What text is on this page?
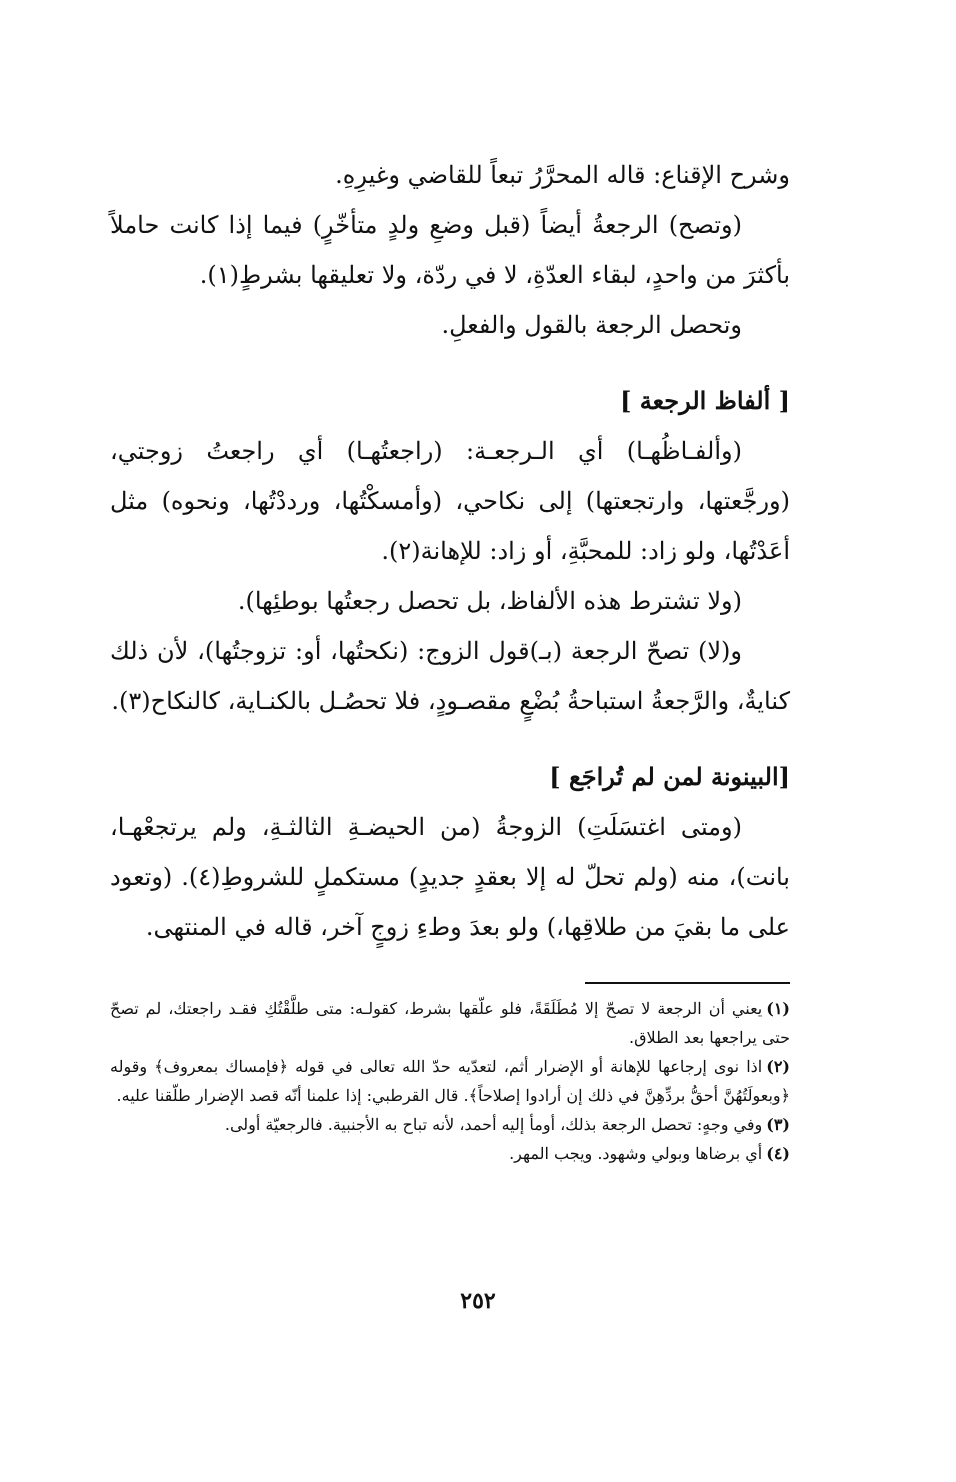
وشرح الإقناع: قاله المحرَّرُ تبعاً للقاضي وغيرِهِ.

(وتصح) الرجعةُ أيضاً (قبل وضعِ ولدٍ متأخّرٍ) فيما إذا كانت حاملاً بأكثرَ من واحدٍ، لبقاء العدّةِ، لا في ردّة، ولا تعليقها بشرطٍ(١).

وتحصل الرجعة بالقول والفعلِ.

[ ألفاظ الرجعة ]

(وألفـاظُهـا) أي الـرجعـة: (راجعتُهـا) أي راجعتُ زوجتي، (ورجَّعتها، وارتجعتها) إلى نكاحي، (وأمسكْتُها، ورددْتُها، ونحوه) مثل أعَدْتُها، ولو زاد: للمحبَّةِ، أو زاد: للإهانة(٢).

(ولا تشترط هذه الألفاظ، بل تحصل رجعتُها بوطئِها).

و(لا) تصحّ الرجعة (بـ)قول الزوج: (نكحتُها، أو: تزوجتُها)، لأن ذلك كنايةٌ، والرَّجعةُ استباحةُ بُضْعٍ مقصـودٍ، فلا تحصُـل بالكنـاية، كالنكاح(٣).

[البينونة لمن لم تُراجَع ]

(ومتى اغتسَلَتِ) الزوجةُ (من الحيضـةِ الثالثـةِ، ولم يرتجعْهـا، بانت)، منه (ولم تحلّ له إلا بعقدٍ جديدٍ) مستكملٍ للشروطِ(٤). (وتعود على ما بقيَ من طلاقِها،) ولو بعدَ وطءِ زوجٍ آخر، قاله في المنتهى.

(١)يعني أن الرجعة لا تصحّ إلا مُطَلَقَةً، فلو علّقها بشرط، كقولـه: متى طلَّقْتُكِ فقـد راجعتك، لم تصحّ حتى يراجعها بعد الطلاق.

(٢)اذا نوى إرجاعها للإهانة أو الإضرار أثم، لتعدّيه حدّ الله تعالى في قوله ﴿فإمساك بمعروف﴾ وقوله ﴿وبعولَتُهُنَّ أحقُّ بردِّهِنَّ في ذلك إن أرادوا إصلاحاً﴾. قال القرطبي: إذا علمنا أنّه قصد الإضرار طلّقنا عليه.

(٣)وفي وجهٍ: تحصل الرجعة بذلك، أومأ إليه أحمد، لأنه تباح به الأجنبية. فالرجعيّة أولى.

(٤)أي برضاها وبولي وشهود. ويجب المهر.

٢٥٢
